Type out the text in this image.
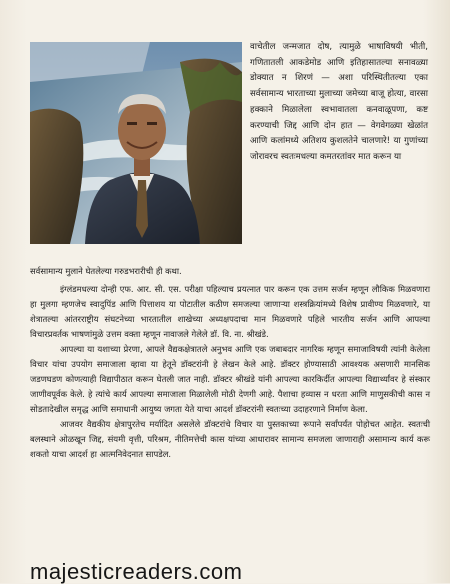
वाचेतील जन्मजात दोष, त्यामुळे भाषाविषयी भीती, गणितातली आकडेमोड आणि इतिहासातल्या सनावळ्या डोक्यात न शिरणं — अशा परिस्थितीतल्या एका सर्वसामान्य भारताच्या मुलाच्या जमेच्या बाजू होत्या, वारसा हक्काने मिळालेला स्वभावातला कनवाळूपणा, कष्ट करण्याची जिद्द आणि दोन हात — वेगवेगळ्या खेळांत आणि कलांमध्ये अतिशय कुशलतेने चालणारे! या गुणांच्या जोरावरच स्वतःमधल्या कमतरतांवर मात करून या

सर्वसामान्य मुलाने घेतलेल्या गरुडभरारीची ही कथा.

इंग्लंडमधल्या दोन्ही एफ. आर. सी. एस. परीक्षा पहिल्याच प्रयत्नात पार करून एक उत्तम सर्जन म्हणून लौकिक मिळवणारा हा मुलगा म्हणजेच स्वादुपिंड आणि पित्ताशय या पोटातील कठीण समजल्या जाणाऱ्या शस्त्रक्रियांमध्ये विशेष प्रावीण्य मिळवणारे, या शेत्रातल्या आंतरराष्ट्रीय संघटनेच्या भारतातील शाखेच्या अध्यक्षपदाचा मान मिळवणारे पहिले भारतीय सर्जन आणि आपल्या विचारप्रवर्तक भाषणांमुळे उत्तम वक्ता म्हणून नावाजले गेलेले डॉ. वि. ना. श्रीखंडे.

आपल्या या यशाच्या प्रेरणा, आपले वैद्यकक्षेत्रातले अनुभव आणि एक जबाबदार नागरिक म्हणून समाजाविषयी त्यांनी केलेला विचार यांचा उपयोग समाजाला व्हावा या हेतूने डॉक्टरांनी हे लेखन केले आहे. डॉक्टर होण्यासाठी आवश्यक असणारी मानसिक जडणघडण कोणत्याही विद्यापीठात करून घेतली जात नाही. डॉक्टर श्रीखंडे यांनी आपल्या कारकिर्दीत आपल्या विद्यार्थ्यांवर हे संस्कार जाणीवपूर्वक केले. हे त्यांचे कार्य आपल्या समाजाला मिळालेली मोठी देणगी आहे. पैशाचा हव्यास न धरता आणि माणुसकीची कास न सोडतादेखील समृद्ध आणि समाधानी आयुष्य जगता येते याचा आदर्श डॉक्टरांनी स्वतःच्या उदाहरणाने निर्माण केला.

आजवर वैद्यकीय क्षेत्रापुरतेच मर्यादित असलेले डॉक्टरांचे विचार या पुस्तकाच्या रूपाने सर्वांपर्यंत पोहोचत आहेत. स्वतःची बलस्थाने ओळखून जिद्द, संयमी वृत्ती, परिश्रम, नीतिमत्तेची कास यांच्या आधारावर सामान्य समजला जाणाराही असामान्य कार्य करू शकतो याचा आदर्श हा आत्मनिवेदनात सापडेल.

majesticreaders.com
